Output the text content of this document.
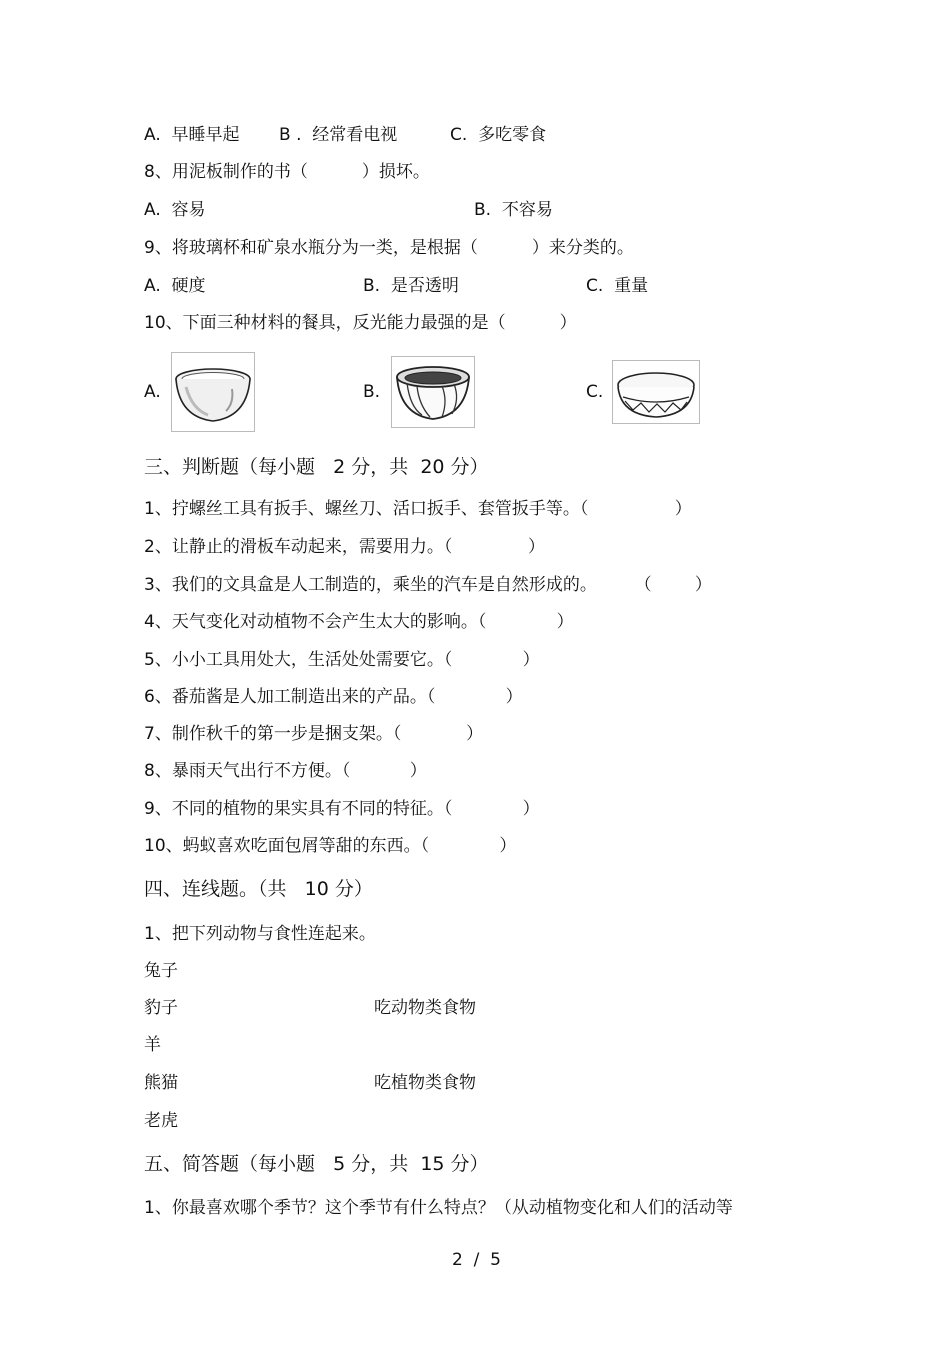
A.  早睡早起 B .  经常看电视	C.  多吃零食
8、用泥板制作的书（          ）损坏。
A.  容易	B.  不容易
9、将玻璃杯和矿泉水瓶分为一类，是根据（          ）来分类的。
A.  硬度	B.  是否透明	C.  重量
10、下面三种材料的餐具，反光能力最强的是（          ）
A.	B.	C.
三、判断题（每小题   2 分，共  20 分）
1、拧螺丝工具有扳手、螺丝刀、活口扳手、套管扳手等。（                ）
2、让静止的滑板车动起来，需要用力。（              ）
3、我们的文具盒是人工制造的，乘坐的汽车是自然形成的。       （        ）
4、天气变化对动植物不会产生太大的影响。（             ）
5、小小工具用处大，生活处处需要它。（             ）
6、番茄酱是人加工制造出来的产品。（             ）
7、制作秋千的第一步是捆支架。（            ）
8、暴雨天气出行不方便。（           ）
9、不同的植物的果实具有不同的特征。（             ）
10、蚂蚁喜欢吃面包屑等甜的东西。（             ）
四、连线题。（共   10 分）
1、把下列动物与食性连起来。
兔子
豹子	吃动物类食物
羊
熊猫	吃植物类食物
老虎
五、简答题（每小题   5 分，共  15 分）
1、你最喜欢哪个季节？这个季节有什么特点？（从动植物变化和人们的活动等
2  /  5
